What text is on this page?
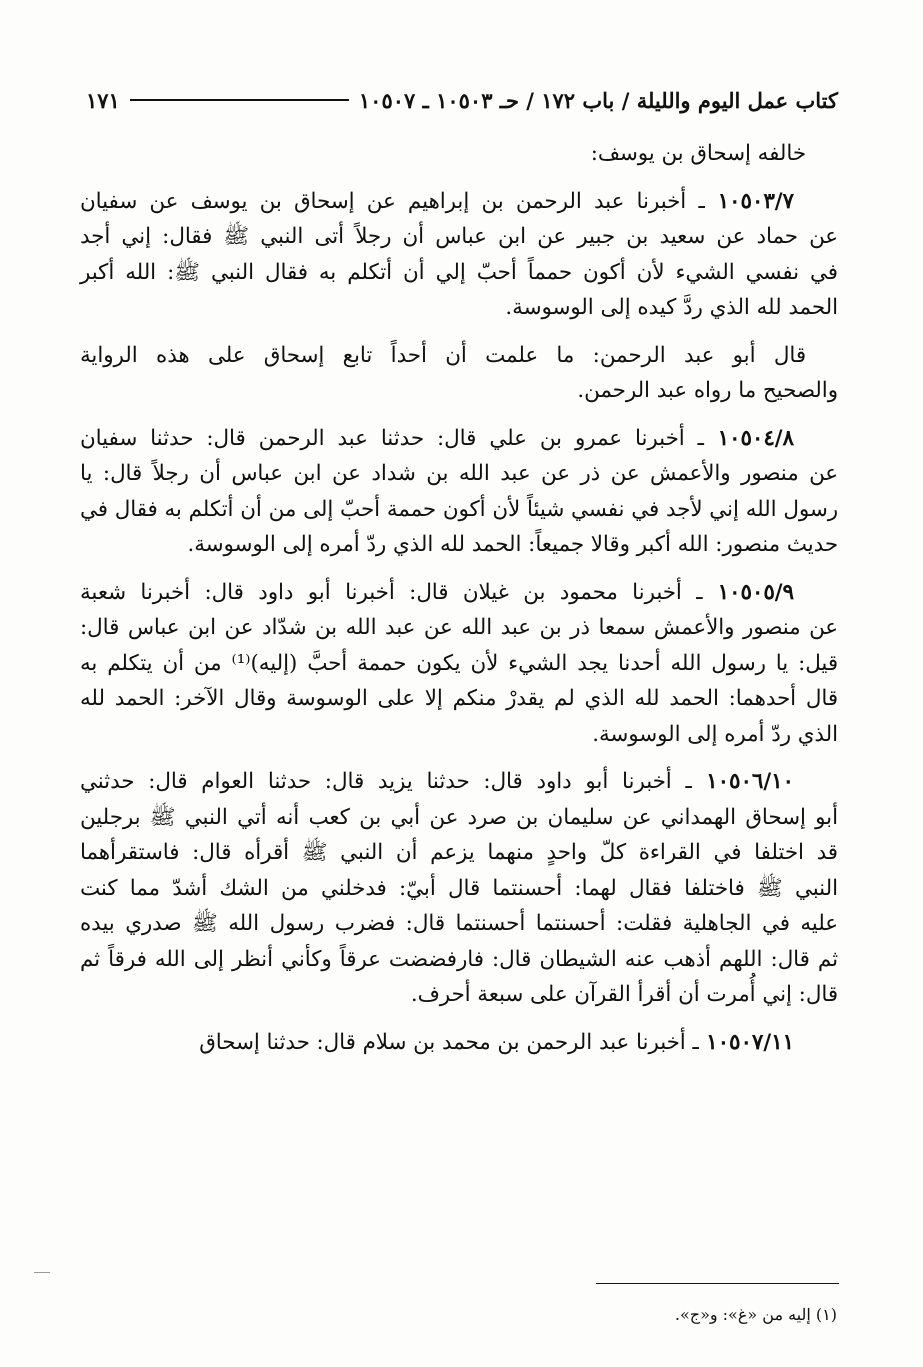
كتاب عمل اليوم والليلة / باب ١٧٢ / حـ ١٠٥٠٣ ـ ١٠٥٠٧
١٧١
خالفه إسحاق بن يوسف:
١٠٥٠٣/٧ ـ أخبرنا عبد الرحمن بن إبراهيم عن إسحاق بن يوسف عن سفيان
عن حماد عن سعيد بن جبير عن ابن عباس أن رجلاً أتى النبي ﷺ فقال: إني أجد
في نفسي الشيء لأن أكون حمماً أحبّ إلي أن أتكلم به فقال النبي ﷺ: الله أكبر
الحمد لله الذي ردَّ كيده إلى الوسوسة.
قال أبو عبد الرحمن: ما علمت أن أحداً تابع إسحاق على هذه الرواية
والصحيح ما رواه عبد الرحمن.
١٠٥٠٤/٨ ـ أخبرنا عمرو بن علي قال: حدثنا عبد الرحمن قال: حدثنا سفيان
عن منصور والأعمش عن ذر عن عبد الله بن شداد عن ابن عباس أن رجلاً قال: يا
رسول الله إني لأجد في نفسي شيئاً لأن أكون حممة أحبّ إلى من أن أتكلم به فقال في
حديث منصور: الله أكبر وقالا جميعاً: الحمد لله الذي ردّ أمره إلى الوسوسة.
١٠٥٠٥/٩ ـ أخبرنا محمود بن غيلان قال: أخبرنا أبو داود قال: أخبرنا شعبة
عن منصور والأعمش سمعا ذر بن عبد الله عن عبد الله بن شدّاد عن ابن عباس قال:
قيل: يا رسول الله أحدنا يجد الشيء لأن يكون حممة أحبَّ (إليه)⁽¹⁾ من أن يتكلم به
قال أحدهما: الحمد لله الذي لم يقدرْ منكم إلا على الوسوسة وقال الآخر: الحمد لله
الذي ردّ أمره إلى الوسوسة.
١٠٥٠٦/١٠ ـ أخبرنا أبو داود قال: حدثنا يزيد قال: حدثنا العوام قال: حدثني
أبو إسحاق الهمداني عن سليمان بن صرد عن أبي بن كعب أنه أتي النبي ﷺ برجلين
قد اختلفا في القراءة كلّ واحدٍ منهما يزعم أن النبي ﷺ أقرأه قال: فاستقرأهما
النبي ﷺ فاختلفا فقال لهما: أحسنتما قال أبيّ: فدخلني من الشك أشدّ مما كنت
عليه في الجاهلية فقلت: أحسنتما أحسنتما قال: فضرب رسول الله ﷺ صدري بيده
ثم قال: اللهم أذهب عنه الشيطان قال: فارفضضت عرقاً وكأني أنظر إلى الله فرقاً ثم
قال: إني أُمرت أن أقرأ القرآن على سبعة أحرف.
١٠٥٠٧/١١ ـ أخبرنا عبد الرحمن بن محمد بن سلام قال: حدثنا إسحاق
(١) إليه من «غ»: و«ج».
